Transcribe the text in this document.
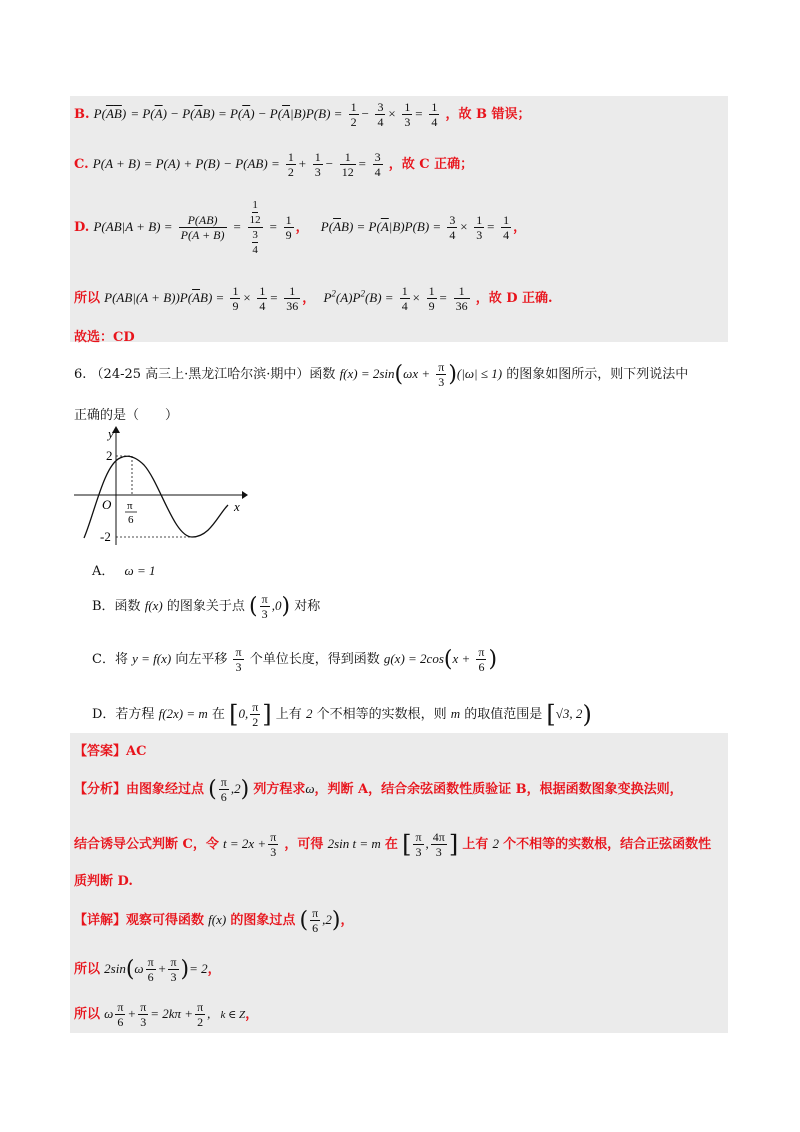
B. $P(\overline{A}\overline{B}) = P(\overline{A}) - P(\overline{A}B) = P(\overline{A}) - P(\overline{A}|B)P(B) = \frac{1}{2} - \frac{3}{4} \times \frac{1}{3} = \frac{1}{4}$ ，故 B 错误；
C. $P(A + B) = P(A) + P(B) - P(AB) = \frac{1}{2} + \frac{1}{3} - \frac{1}{12} = \frac{3}{4}$ ，故 C 正确；
D. $P(AB|A + B) = \frac{P(AB)}{P(A + B)}$ =
1
12
3
4
= $\frac{1}{9}$ ， $P(\overline{A}B) = P(\overline{A}|B)P(B) = \frac{3}{4} \times \frac{1}{3} = \frac{1}{4}$ ，
所以 $P(AB|(A + B))P(\overline{A}B) = \frac{1}{9} \times \frac{1}{4} = \frac{1}{36}$ ， $P^2(A)P^2(B) = \frac{1}{4} \times \frac{1}{9} = \frac{1}{36}$ ，故 D 正确.
故选：CD
6. （24-25 高三上·黑龙江哈尔滨·期中）函数 $f(x) = 2\sin(\omega x + \frac{\pi}{3} )(|\omega| \le 1)$ 的图象如图所示，则下列说法中
正确的是（　　）
y
x
O
2
-2
π
6
A． ω = 1
B．函数 f(x) 的图象关于点 ( $\frac{\pi}{3} ,0$) 对称
C．将 y = f(x) 向左平移 $\frac{\pi}{3}$ 个单位长度，得到函数 $g(x) = 2\cos(x + \frac{\pi}{6}$ )
D．若方程 f(2x) = m 在 [0, $\frac{\pi}{2}$ ] 上有 2 个不相等的实数根，则 m 的取值范围是 [√3, 2)
【答案】AC
【分析】由图象经过点 ( $\frac{\pi}{6} ,2$) 列方程求ω，判断 A，结合余弦函数性质验证 B，根据函数图象变换法则，
结合诱导公式判断 C，令 $t = 2x + \frac{\pi}{3}$ ，可得 2sin t = m 在 [ $\frac{\pi}{3}$ , $\frac{4\pi}{3}$ ] 上有 2 个不相等的实数根，结合正弦函数性
质判断 D.
【详解】观察可得函数 f(x) 的图象过点 ( $\frac{\pi}{6} ,2$)，
所以 $2\sin(\omega \frac{\pi}{6} + \frac{\pi}{3}$ )= 2，
所以 ω $\frac{\pi}{6} + \frac{\pi}{3} = 2k\pi + \frac{\pi}{2}$ , k ∈ Z，
